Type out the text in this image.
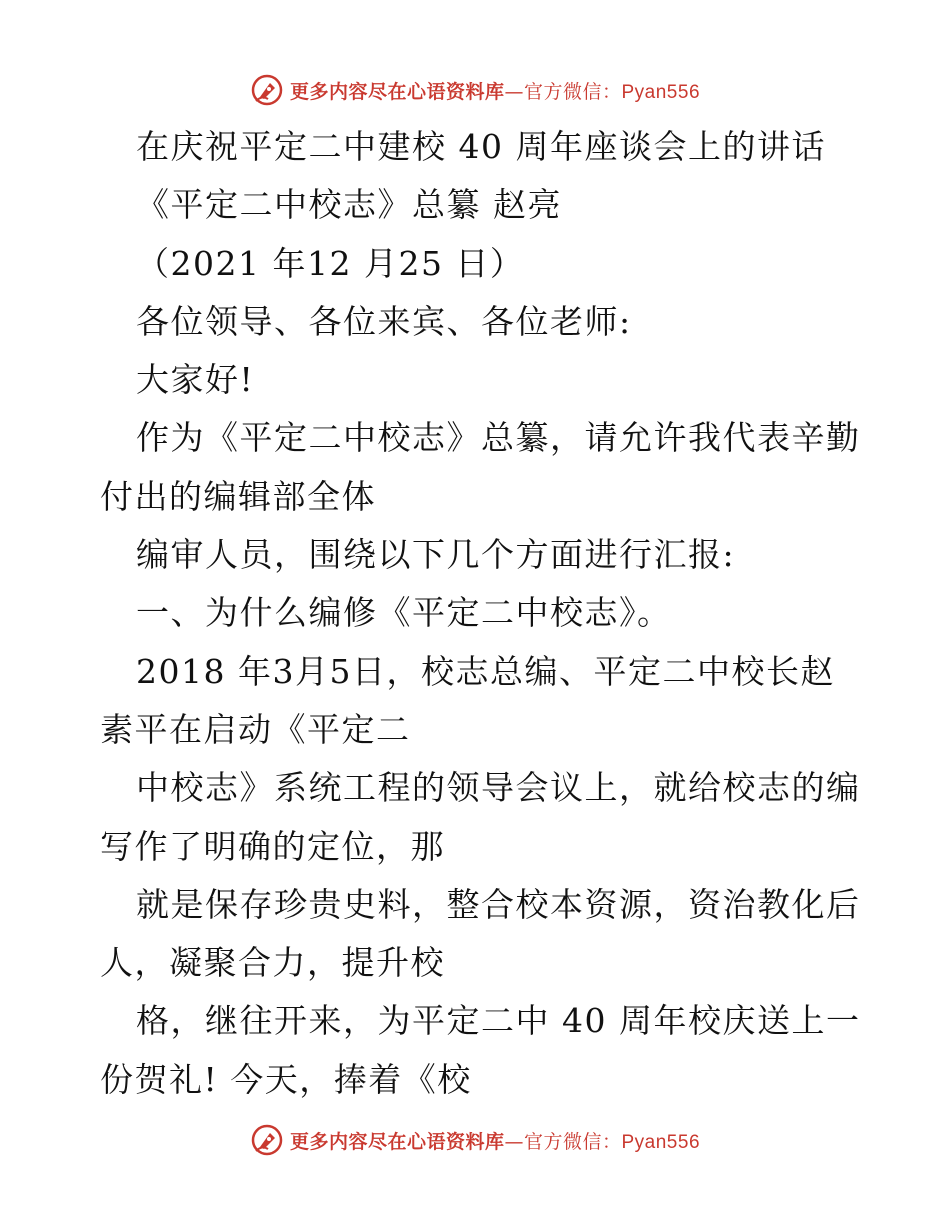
更多内容尽在心语资料库—官方微信：Pyan556
在庆祝平定二中建校 40 周年座谈会上的讲话
《平定二中校志》总纂 赵亮
（2021 年12 月25 日）
各位领导、各位来宾、各位老师:
大家好!
作为《平定二中校志》总纂，请允许我代表辛勤
付出的编辑部全体
编审人员，围绕以下几个方面进行汇报:
一、为什么编修《平定二中校志》。
2018 年3月5日，校志总编、平定二中校长赵
素平在启动《平定二
中校志》系统工程的领导会议上，就给校志的编
写作了明确的定位，那
就是保存珍贵史料，整合校本资源，资治教化后
人，凝聚合力，提升校
格，继往开来，为平定二中 40 周年校庆送上一
份贺礼! 今天，捧着《校
更多内容尽在心语资料库—官方微信：Pyan556
